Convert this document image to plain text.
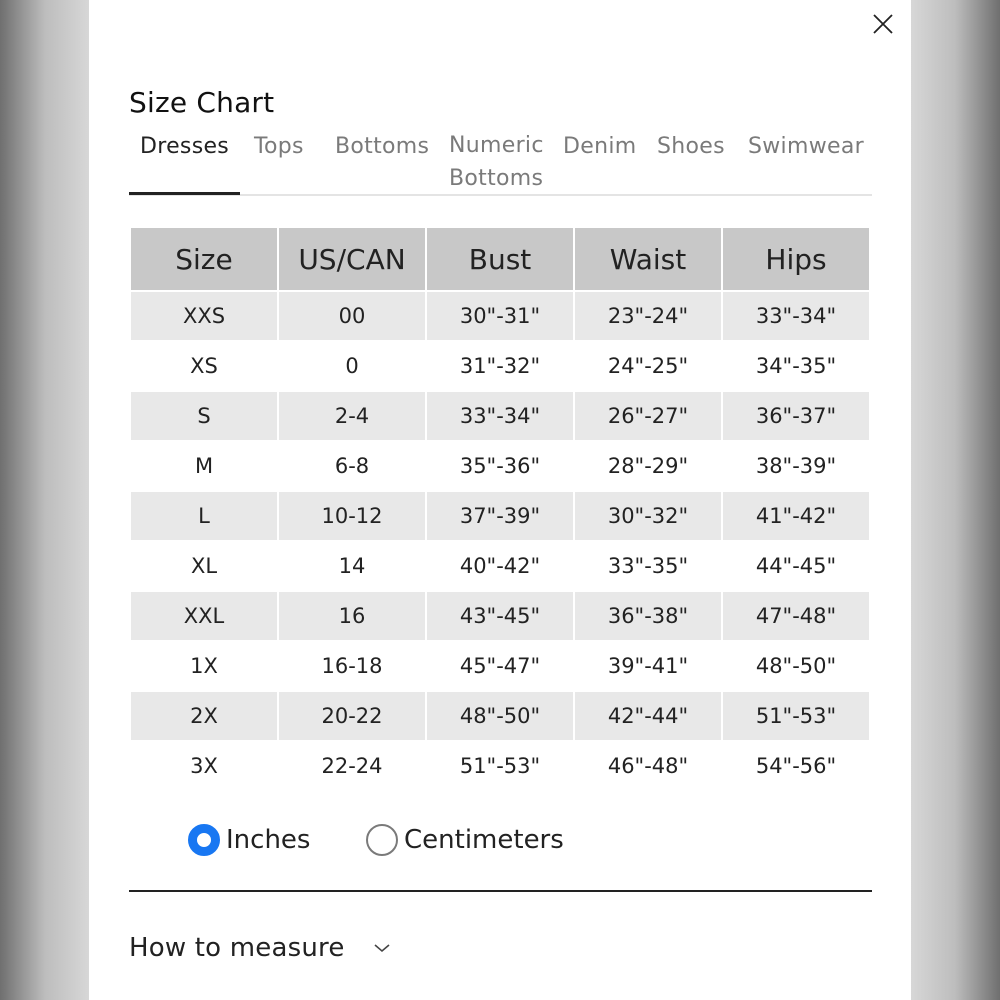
Size Chart
Dresses Tops Bottoms Numeric
Bottoms
Denim Shoes Swimwear
Size	US/CAN	Bust	Waist	Hips
XXS	00	30"-31"	23"-24"	33"-34"
XS	0	31"-32"	24"-25"	34"-35"
S	2-4	33"-34"	26"-27"	36"-37"
M	6-8	35"-36"	28"-29"	38"-39"
L	10-12	37"-39"	30"-32"	41"-42"
XL	14	40"-42"	33"-35"	44"-45"
XXL	16	43"-45"	36"-38"	47"-48"
1X	16-18	45"-47"	39"-41"	48"-50"
2X	20-22	48"-50"	42"-44"	51"-53"
3X	22-24	51"-53"	46"-48"	54"-56"
Inches	Centimeters
How to measure
